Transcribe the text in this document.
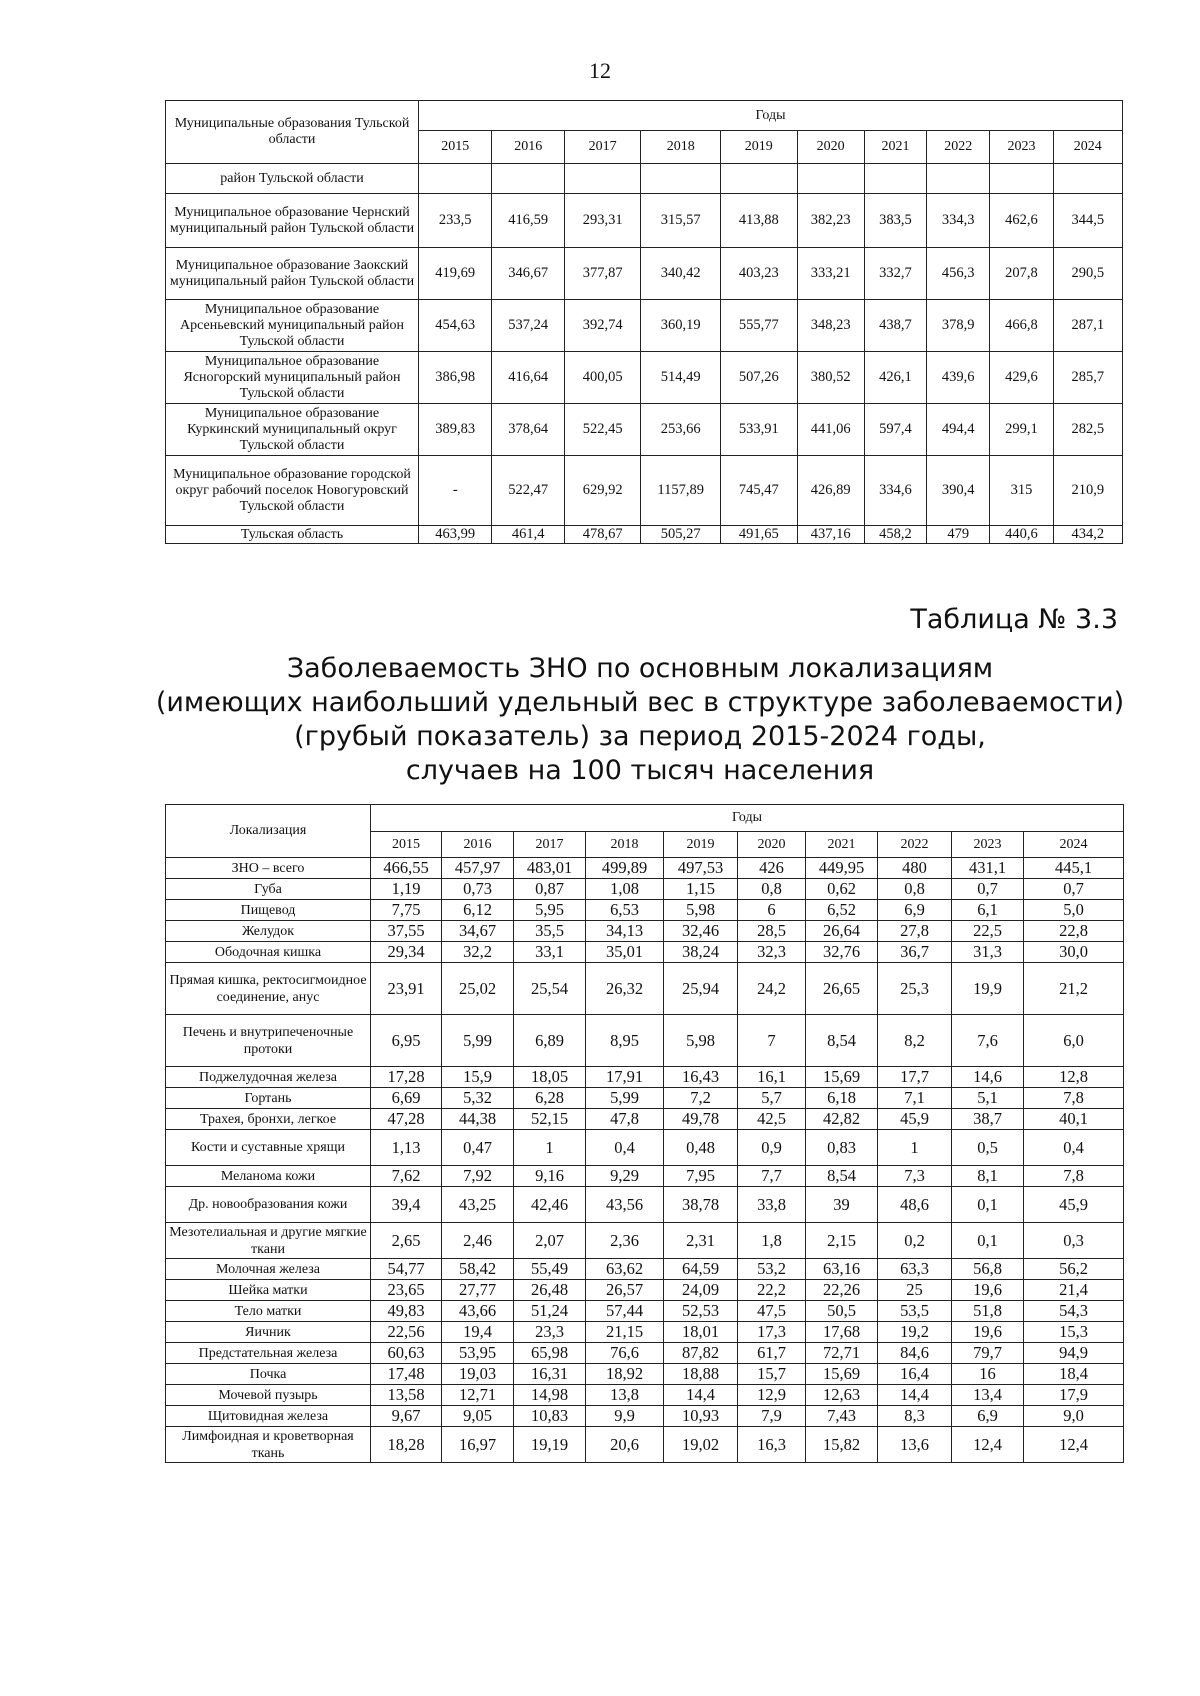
12
Муниципальные образования Тульской области	Годы									
	2015	2016	2017	2018	2019	2020	2021	2022	2023	2024
район Тульской области										
Муниципальное образование Чернский муниципальный район Тульской области	233,5	416,59	293,31	315,57	413,88	382,23	383,5	334,3	462,6	344,5
Муниципальное образование Заокский муниципальный район Тульской области	419,69	346,67	377,87	340,42	403,23	333,21	332,7	456,3	207,8	290,5
Муниципальное образование Арсеньевский муниципальный район Тульской области	454,63	537,24	392,74	360,19	555,77	348,23	438,7	378,9	466,8	287,1
Муниципальное образование Ясногорский муниципальный район Тульской области	386,98	416,64	400,05	514,49	507,26	380,52	426,1	439,6	429,6	285,7
Муниципальное образование Куркинский муниципальный округ Тульской области	389,83	378,64	522,45	253,66	533,91	441,06	597,4	494,4	299,1	282,5
Муниципальное образование городской округ рабочий поселок Новогуровский Тульской области	-	522,47	629,92	1157,89	745,47	426,89	334,6	390,4	315	210,9
Тульская область	463,99	461,4	478,67	505,27	491,65	437,16	458,2	479	440,6	434,2
Таблица № 3.3
Заболеваемость ЗНО по основным локализациям
(имеющих наибольший удельный вес в структуре заболеваемости)
(грубый показатель) за период 2015-2024 годы,
случаев на 100 тысяч населения
Локализация	Годы									
	2015	2016	2017	2018	2019	2020	2021	2022	2023	2024
ЗНО – всего	466,55	457,97	483,01	499,89	497,53	426	449,95	480	431,1	445,1
Губа	1,19	0,73	0,87	1,08	1,15	0,8	0,62	0,8	0,7	0,7
Пищевод	7,75	6,12	5,95	6,53	5,98	6	6,52	6,9	6,1	5,0
Желудок	37,55	34,67	35,5	34,13	32,46	28,5	26,64	27,8	22,5	22,8
Ободочная кишка	29,34	32,2	33,1	35,01	38,24	32,3	32,76	36,7	31,3	30,0
Прямая кишка, ректосигмоидное соединение, анус	23,91	25,02	25,54	26,32	25,94	24,2	26,65	25,3	19,9	21,2
Печень и внутрипеченочные протоки	6,95	5,99	6,89	8,95	5,98	7	8,54	8,2	7,6	6,0
Поджелудочная железа	17,28	15,9	18,05	17,91	16,43	16,1	15,69	17,7	14,6	12,8
Гортань	6,69	5,32	6,28	5,99	7,2	5,7	6,18	7,1	5,1	7,8
Трахея, бронхи, легкое	47,28	44,38	52,15	47,8	49,78	42,5	42,82	45,9	38,7	40,1
Кости и суставные хрящи	1,13	0,47	1	0,4	0,48	0,9	0,83	1	0,5	0,4
Меланома кожи	7,62	7,92	9,16	9,29	7,95	7,7	8,54	7,3	8,1	7,8
Др. новообразования кожи	39,4	43,25	42,46	43,56	38,78	33,8	39	48,6	0,1	45,9
Мезотелиальная и другие мягкие ткани	2,65	2,46	2,07	2,36	2,31	1,8	2,15	0,2	0,1	0,3
Молочная железа	54,77	58,42	55,49	63,62	64,59	53,2	63,16	63,3	56,8	56,2
Шейка матки	23,65	27,77	26,48	26,57	24,09	22,2	22,26	25	19,6	21,4
Тело матки	49,83	43,66	51,24	57,44	52,53	47,5	50,5	53,5	51,8	54,3
Яичник	22,56	19,4	23,3	21,15	18,01	17,3	17,68	19,2	19,6	15,3
Предстательная железа	60,63	53,95	65,98	76,6	87,82	61,7	72,71	84,6	79,7	94,9
Почка	17,48	19,03	16,31	18,92	18,88	15,7	15,69	16,4	16	18,4
Мочевой пузырь	13,58	12,71	14,98	13,8	14,4	12,9	12,63	14,4	13,4	17,9
Щитовидная железа	9,67	9,05	10,83	9,9	10,93	7,9	7,43	8,3	6,9	9,0
Лимфоидная и кроветворная ткань	18,28	16,97	19,19	20,6	19,02	16,3	15,82	13,6	12,4	12,4
